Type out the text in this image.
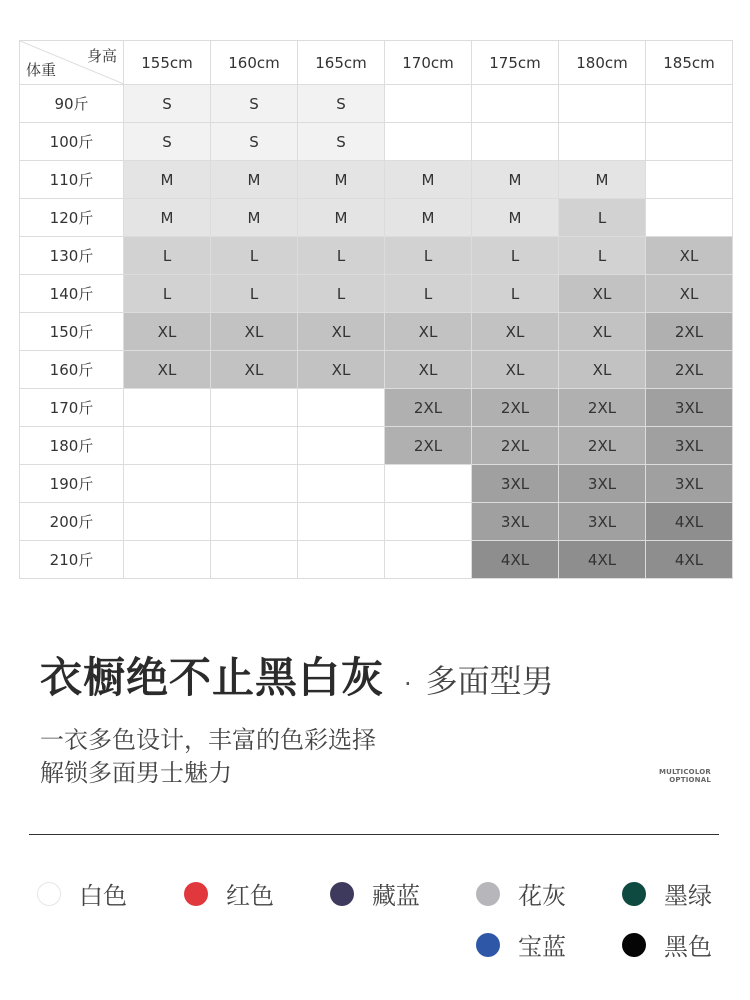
身高
体重	155cm	160cm	165cm	170cm	175cm	180cm	185cm
90斤	S	S	S				
100斤	S	S	S				
110斤	M	M	M	M	M	M	
120斤	M	M	M	M	M	L	
130斤	L	L	L	L	L	L	XL
140斤	L	L	L	L	L	XL	XL
150斤	XL	XL	XL	XL	XL	XL	2XL
160斤	XL	XL	XL	XL	XL	XL	2XL
170斤				2XL	2XL	2XL	3XL
180斤				2XL	2XL	2XL	3XL
190斤					3XL	3XL	3XL
200斤					3XL	3XL	4XL
210斤					4XL	4XL	4XL
衣橱绝不止黑白灰 · 多面型男
一衣多色设计，丰富的色彩选择
解锁多面男士魅力	MULTICOLOR
OPTIONAL
白色	红色	藏蓝	花灰	墨绿
宝蓝	黑色
